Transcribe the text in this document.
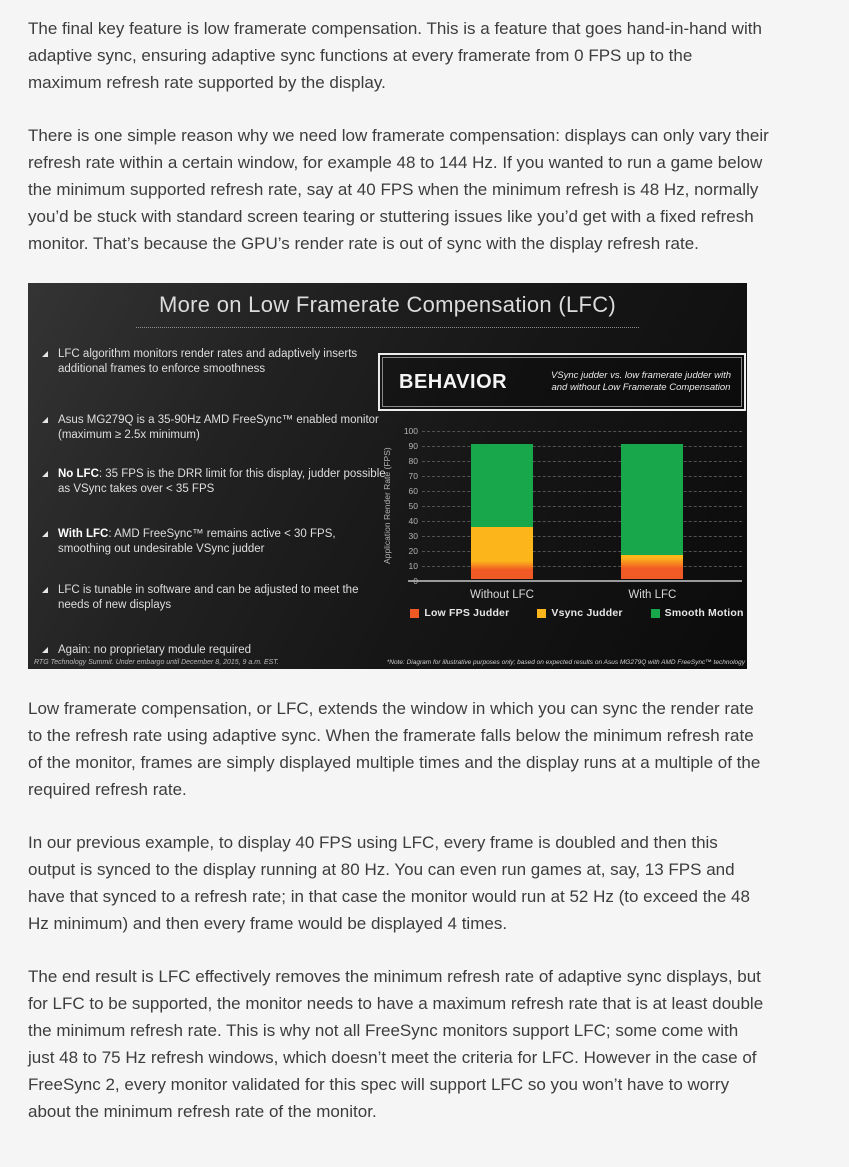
The final key feature is low framerate compensation. This is a feature that goes hand-in-hand with adaptive sync, ensuring adaptive sync functions at every framerate from 0 FPS up to the maximum refresh rate supported by the display.

There is one simple reason why we need low framerate compensation: displays can only vary their refresh rate within a certain window, for example 48 to 144 Hz. If you wanted to run a game below the minimum supported refresh rate, say at 40 FPS when the minimum refresh is 48 Hz, normally you’d be stuck with standard screen tearing or stuttering issues like you’d get with a fixed refresh monitor. That’s because the GPU’s render rate is out of sync with the display refresh rate.

More on Low Framerate Compensation (LFC)
LFC algorithm monitors render rates and adaptively inserts additional frames to enforce smoothness
Asus MG279Q is a 35-90Hz AMD FreeSync™ enabled monitor (maximum ≥ 2.5x minimum)
No LFC: 35 FPS is the DRR limit for this display, judder possible as VSync takes over < 35 FPS
With LFC: AMD FreeSync™ remains active < 30 FPS, smoothing out undesirable VSync judder
LFC is tunable in software and can be adjusted to meet the needs of new displays
Again: no proprietary module required
BEHAVIOR	VSync judder vs. low framerate judder with
and without Low Framerate Compensation
Application Render Rate (FPS)
0
10
20
30
40
50
60
70
80
90
100
Without LFC	With LFC
Low FPS Judder	Vsync Judder	Smooth Motion
RTG Technology Summit. Under embargo until December 8, 2015, 9 a.m. EST.	*Note: Diagram for illustrative purposes only; based on expected results on Asus MG279Q with AMD FreeSync™ technology

Low framerate compensation, or LFC, extends the window in which you can sync the render rate to the refresh rate using adaptive sync. When the framerate falls below the minimum refresh rate of the monitor, frames are simply displayed multiple times and the display runs at a multiple of the required refresh rate.

In our previous example, to display 40 FPS using LFC, every frame is doubled and then this output is synced to the display running at 80 Hz. You can even run games at, say, 13 FPS and have that synced to a refresh rate; in that case the monitor would run at 52 Hz (to exceed the 48 Hz minimum) and then every frame would be displayed 4 times.

The end result is LFC effectively removes the minimum refresh rate of adaptive sync displays, but for LFC to be supported, the monitor needs to have a maximum refresh rate that is at least double the minimum refresh rate. This is why not all FreeSync monitors support LFC; some come with just 48 to 75 Hz refresh windows, which doesn’t meet the criteria for LFC. However in the case of FreeSync 2, every monitor validated for this spec will support LFC so you won’t have to worry about the minimum refresh rate of the monitor.
